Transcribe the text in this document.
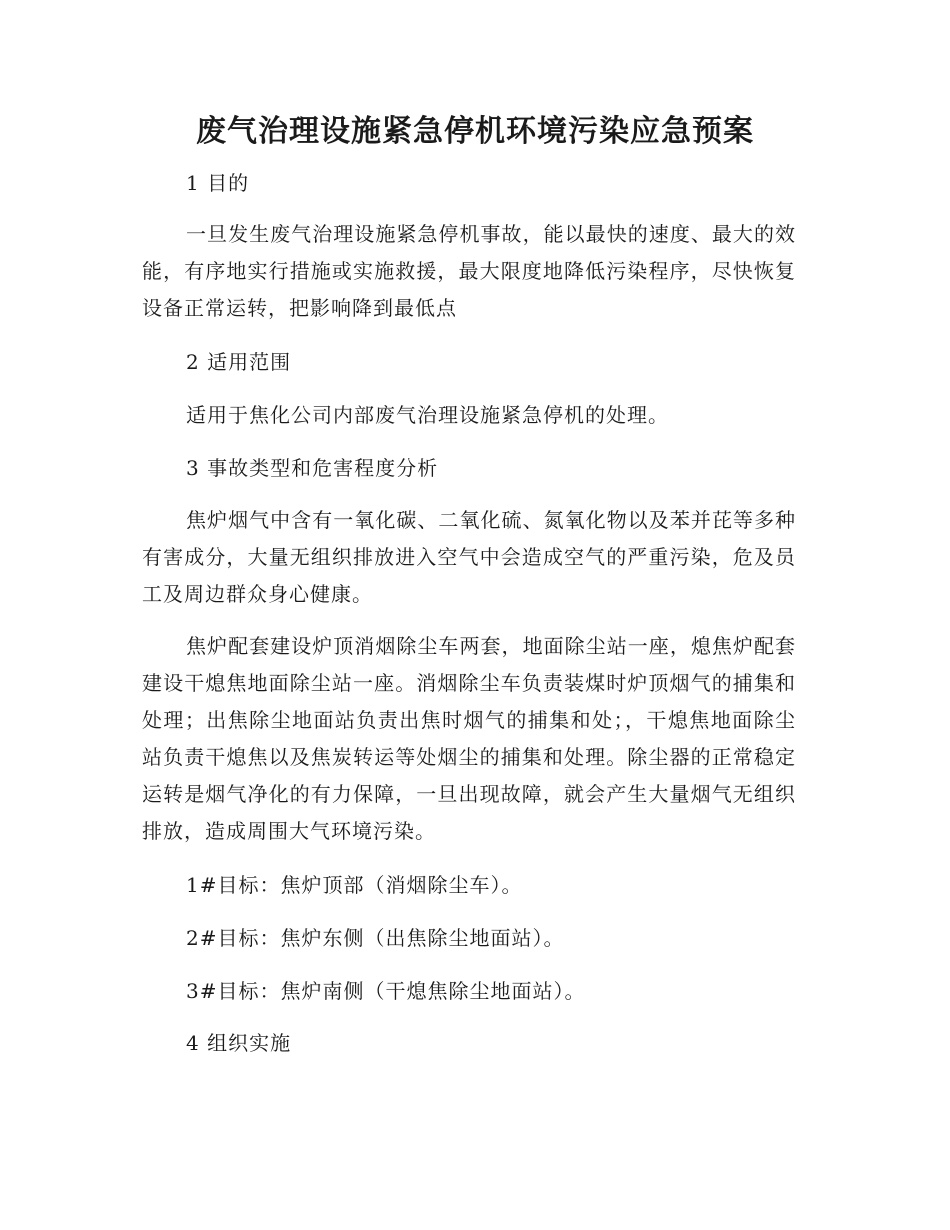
废气治理设施紧急停机环境污染应急预案
1 目的
一旦发生废气治理设施紧急停机事故，能以最快的速度、最大的效能，有序地实行措施或实施救援，最大限度地降低污染程序，尽快恢复设备正常运转，把影响降到最低点
2 适用范围
适用于焦化公司内部废气治理设施紧急停机的处理。
3 事故类型和危害程度分析
焦炉烟气中含有一氧化碳、二氧化硫、氮氧化物以及苯并芘等多种有害成分，大量无组织排放进入空气中会造成空气的严重污染，危及员工及周边群众身心健康。
焦炉配套建设炉顶消烟除尘车两套，地面除尘站一座，熄焦炉配套建设干熄焦地面除尘站一座。消烟除尘车负责装煤时炉顶烟气的捕集和处理；出焦除尘地面站负责出焦时烟气的捕集和处；，干熄焦地面除尘站负责干熄焦以及焦炭转运等处烟尘的捕集和处理。除尘器的正常稳定运转是烟气净化的有力保障，一旦出现故障，就会产生大量烟气无组织排放，造成周围大气环境污染。
1#目标：焦炉顶部（消烟除尘车）。
2#目标：焦炉东侧（出焦除尘地面站）。
3#目标：焦炉南侧（干熄焦除尘地面站）。
4 组织实施
